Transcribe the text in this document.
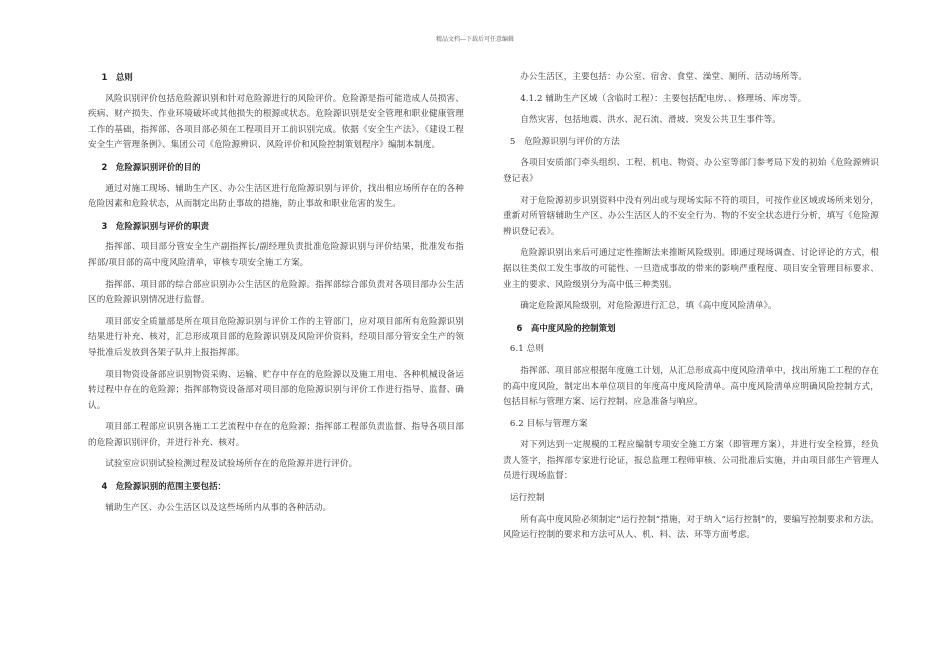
精品文档---下载后可任意编辑

1　总则

风险识别评价包括危险源识别和针对危险源进行的风险评价。危险源是指可能造成人员损害、疾病、财产损失、作业环境破坏或其他损失的根源或状态。危险源识别是安全管理和职业健康管理工作的基础，指挥部、各项目部必须在工程项目开工前识别完成。依据《安全生产法》、《建设工程安全生产管理条例》、集团公司《危险源辨识、风险评价和风险控制策划程序》编制本制度。

2　危险源识别评价的目的

通过对施工现场、辅助生产区、办公生活区进行危险源识别与评价，找出相应场所存在的各种危险因素和危险状态，从而制定出防止事故的措施，防止事故和职业危害的发生。

3　危险源识别与评价的职责

指挥部、项目部分管安全生产副指挥长/副经理负责批准危险源识别与评价结果，批准发布指挥部/项目部的高中度风险清单，审核专项安全施工方案。

指挥部、项目部的综合部应识别办公生活区的危险源。指挥部综合部负责对各项目部办公生活区的危险源识别情况进行监督。

项目部安全质量部是所在项目危险源识别与评价工作的主管部门，应对项目部所有危险源识别结果进行补充、核对，汇总形成项目部的危险源识别及风险评价资料，经项目部分管安全生产的领导批准后发放到各架子队并上报指挥部。

项目物资设备部应识别物资采购、运输、贮存中存在的危险源以及施工用电、各种机械设备运转过程中存在的危险源；指挥部物资设备部对项目部的危险源识别与评价工作进行指导、监督、确认。

项目部工程部应识别各施工工艺流程中存在的危险源；指挥部工程部负责监督、指导各项目部的危险源识别评价，并进行补充、核对。

试验室应识别试验检测过程及试验场所存在的危险源并进行评价。

4　危险源识别的范围主要包括：

辅助生产区、办公生活区以及这些场所内从事的各种活动。

办公生活区，主要包括：办公室、宿舍、食堂、澡堂、厕所、活动场所等。

4.1.2 辅助生产区域（含临时工程）：主要包括配电房、、修理场、库房等。

自然灾害，包括地震、洪水、泥石流、滑坡、突发公共卫生事件等。

5　危险源识别与评价的方法

各项目安质部门牵头组织、工程、机电、物资、办公室等部门参考局下发的初始《危险源辨识登记表》

对于危险源初步识别资料中没有列出或与现场实际不符的项目，可按作业区域或场所来划分，重新对所管辖辅助生产区、办公生活区人的不安全行为、物的不安全状态进行分析，填写《危险源辨识登记表》。

危险源识别出来后可通过定性推断法来推断风险级别。即通过现场调查、讨论评论的方式，根据以往类似工发生事故的可能性、一旦造成事故的带来的影响严重程度、项目安全管理目标要求、业主的要求、风险级别分为高中低三种类别。

确定危险源风险级别，对危险源进行汇总，填《高中度风险清单》。

6　高中度风险的控制策划

6.1 总则

指挥部、项目部应根据年度施工计划，从汇总形成高中度风险清单中，找出所施工工程的存在的高中度风险，制定出本单位项目的年度高中度风险清单。高中度风险清单应明确风险控制方式，包括目标与管理方案、运行控制、应急准备与响应。

6.2 目标与管理方案

对下列达到一定规模的工程应编制专项安全施工方案（即管理方案），并进行安全检算，经负责人签字，指挥部专家进行论证，报总监理工程师审核、公司批准后实施，并由项目部生产管理人员进行现场监督：

运行控制

所有高中度风险必须制定“运行控制”措施，对于纳入“运行控制”的，要编写控制要求和方法。风险运行控制的要求和方法可从人、机、料、法、环等方面考虑。
